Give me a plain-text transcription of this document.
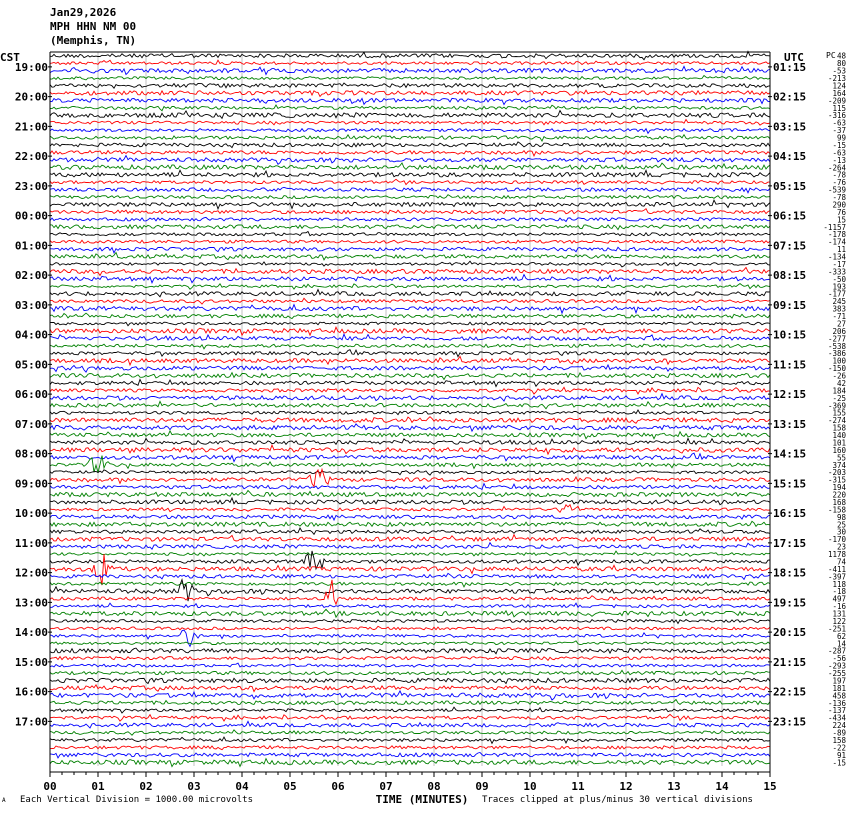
19:00
20:00
21:00
22:00
23:00
00:00
01:00
02:00
03:00
04:00
05:00
06:00
07:00
08:00
09:00
10:00
11:00
12:00
13:00
14:00
15:00
16:00
17:00
01:15
02:15
03:15
04:15
05:15
06:15
07:15
08:15
09:15
10:15
11:15
12:15
13:15
14:15
15:15
16:15
17:15
18:15
19:15
20:15
21:15
22:15
23:15
48
80
-53
-213
124
164
-209
115
-316
-63
-37
99
-15
-63
-13
-264
-78
-76
-539
-78
290
76
15
-1157
-178
-174
11
-134
-17
-333
-50
193
-177
245
383
-71
27
206
-277
-538
-386
100
-150
-26
42
184
-25
-369
155
-274
158
140
101
160
55
374
-203
-315
194
220
168
-158
98
25
30
-170
23
1178
74
-411
-397
118
-18
497
-16
131
122
-251
62
14
-287
-56
-293
-255
197
181
458
-136
-137
-434
224
-89
158
-22
91
-15
00	01	02	03	04	05	06	07	08	09	10	11	12	13	14	15
CST	UTC	PC
TIME (MINUTES)
Jan29,2026
MPH HHN NM 00
(Memphis, TN)
A Each Vertical Division = 1000.00 microvolts	Traces clipped at plus/minus 30 vertical divisions
